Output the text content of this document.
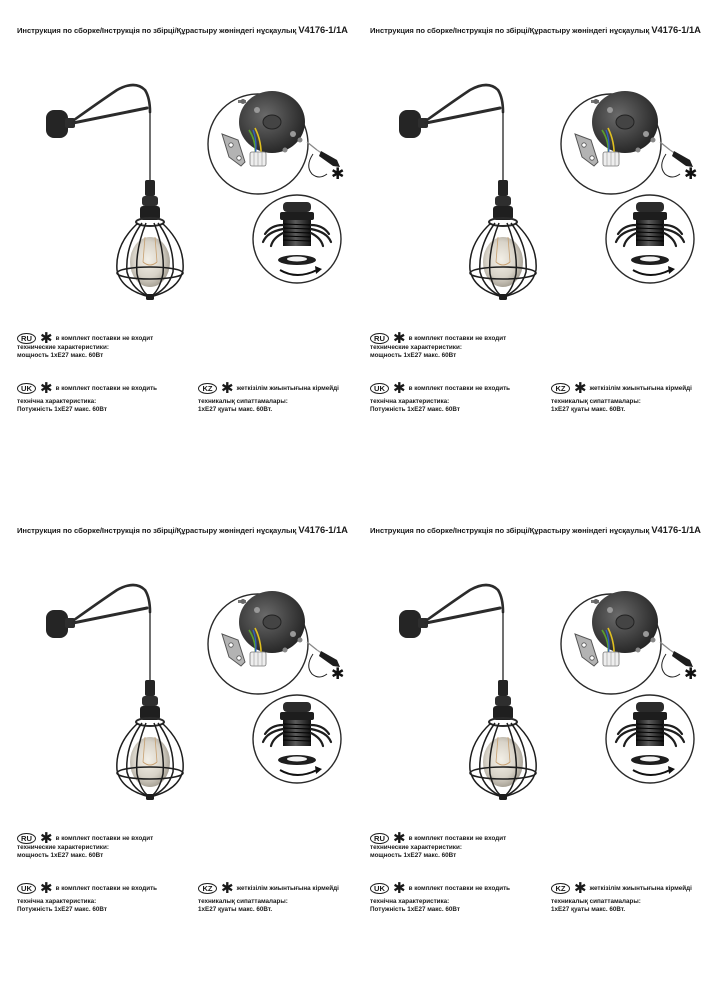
Инструкция по сборке/Інструкція по збірці/Құрастыру жөніндегі нұсқаулық V4176-1/1A
RU ✱ в комплект поставки не входит
технические характеристики:
мощность 1хЕ27 макс. 60Вт
UK ✱ в комплект поставки не входить
технічна характеристика:
Потужність 1хЕ27 макс. 60Вт
KZ ✱ жеткізілім жиынтығына кірмейді
техникалық сипаттамалары:
1хЕ27 қуаты макс. 60Вт.
Инструкция по сборке/Інструкція по збірці/Құрастыру жөніндегі нұсқаулық V4176-1/1A
RU ✱ в комплект поставки не входит
технические характеристики:
мощность 1хЕ27 макс. 60Вт
UK ✱ в комплект поставки не входить
технічна характеристика:
Потужність 1хЕ27 макс. 60Вт
KZ ✱ жеткізілім жиынтығына кірмейді
техникалық сипаттамалары:
1хЕ27 қуаты макс. 60Вт.
Инструкция по сборке/Інструкція по збірці/Құрастыру жөніндегі нұсқаулық V4176-1/1A
RU ✱ в комплект поставки не входит
технические характеристики:
мощность 1хЕ27 макс. 60Вт
UK ✱ в комплект поставки не входить
технічна характеристика:
Потужність 1хЕ27 макс. 60Вт
KZ ✱ жеткізілім жиынтығына кірмейді
техникалық сипаттамалары:
1хЕ27 қуаты макс. 60Вт.
Инструкция по сборке/Інструкція по збірці/Құрастыру жөніндегі нұсқаулық V4176-1/1A
RU ✱ в комплект поставки не входит
технические характеристики:
мощность 1хЕ27 макс. 60Вт
UK ✱ в комплект поставки не входить
технічна характеристика:
Потужність 1хЕ27 макс. 60Вт
KZ ✱ жеткізілім жиынтығына кірмейді
техникалық сипаттамалары:
1хЕ27 қуаты макс. 60Вт.
